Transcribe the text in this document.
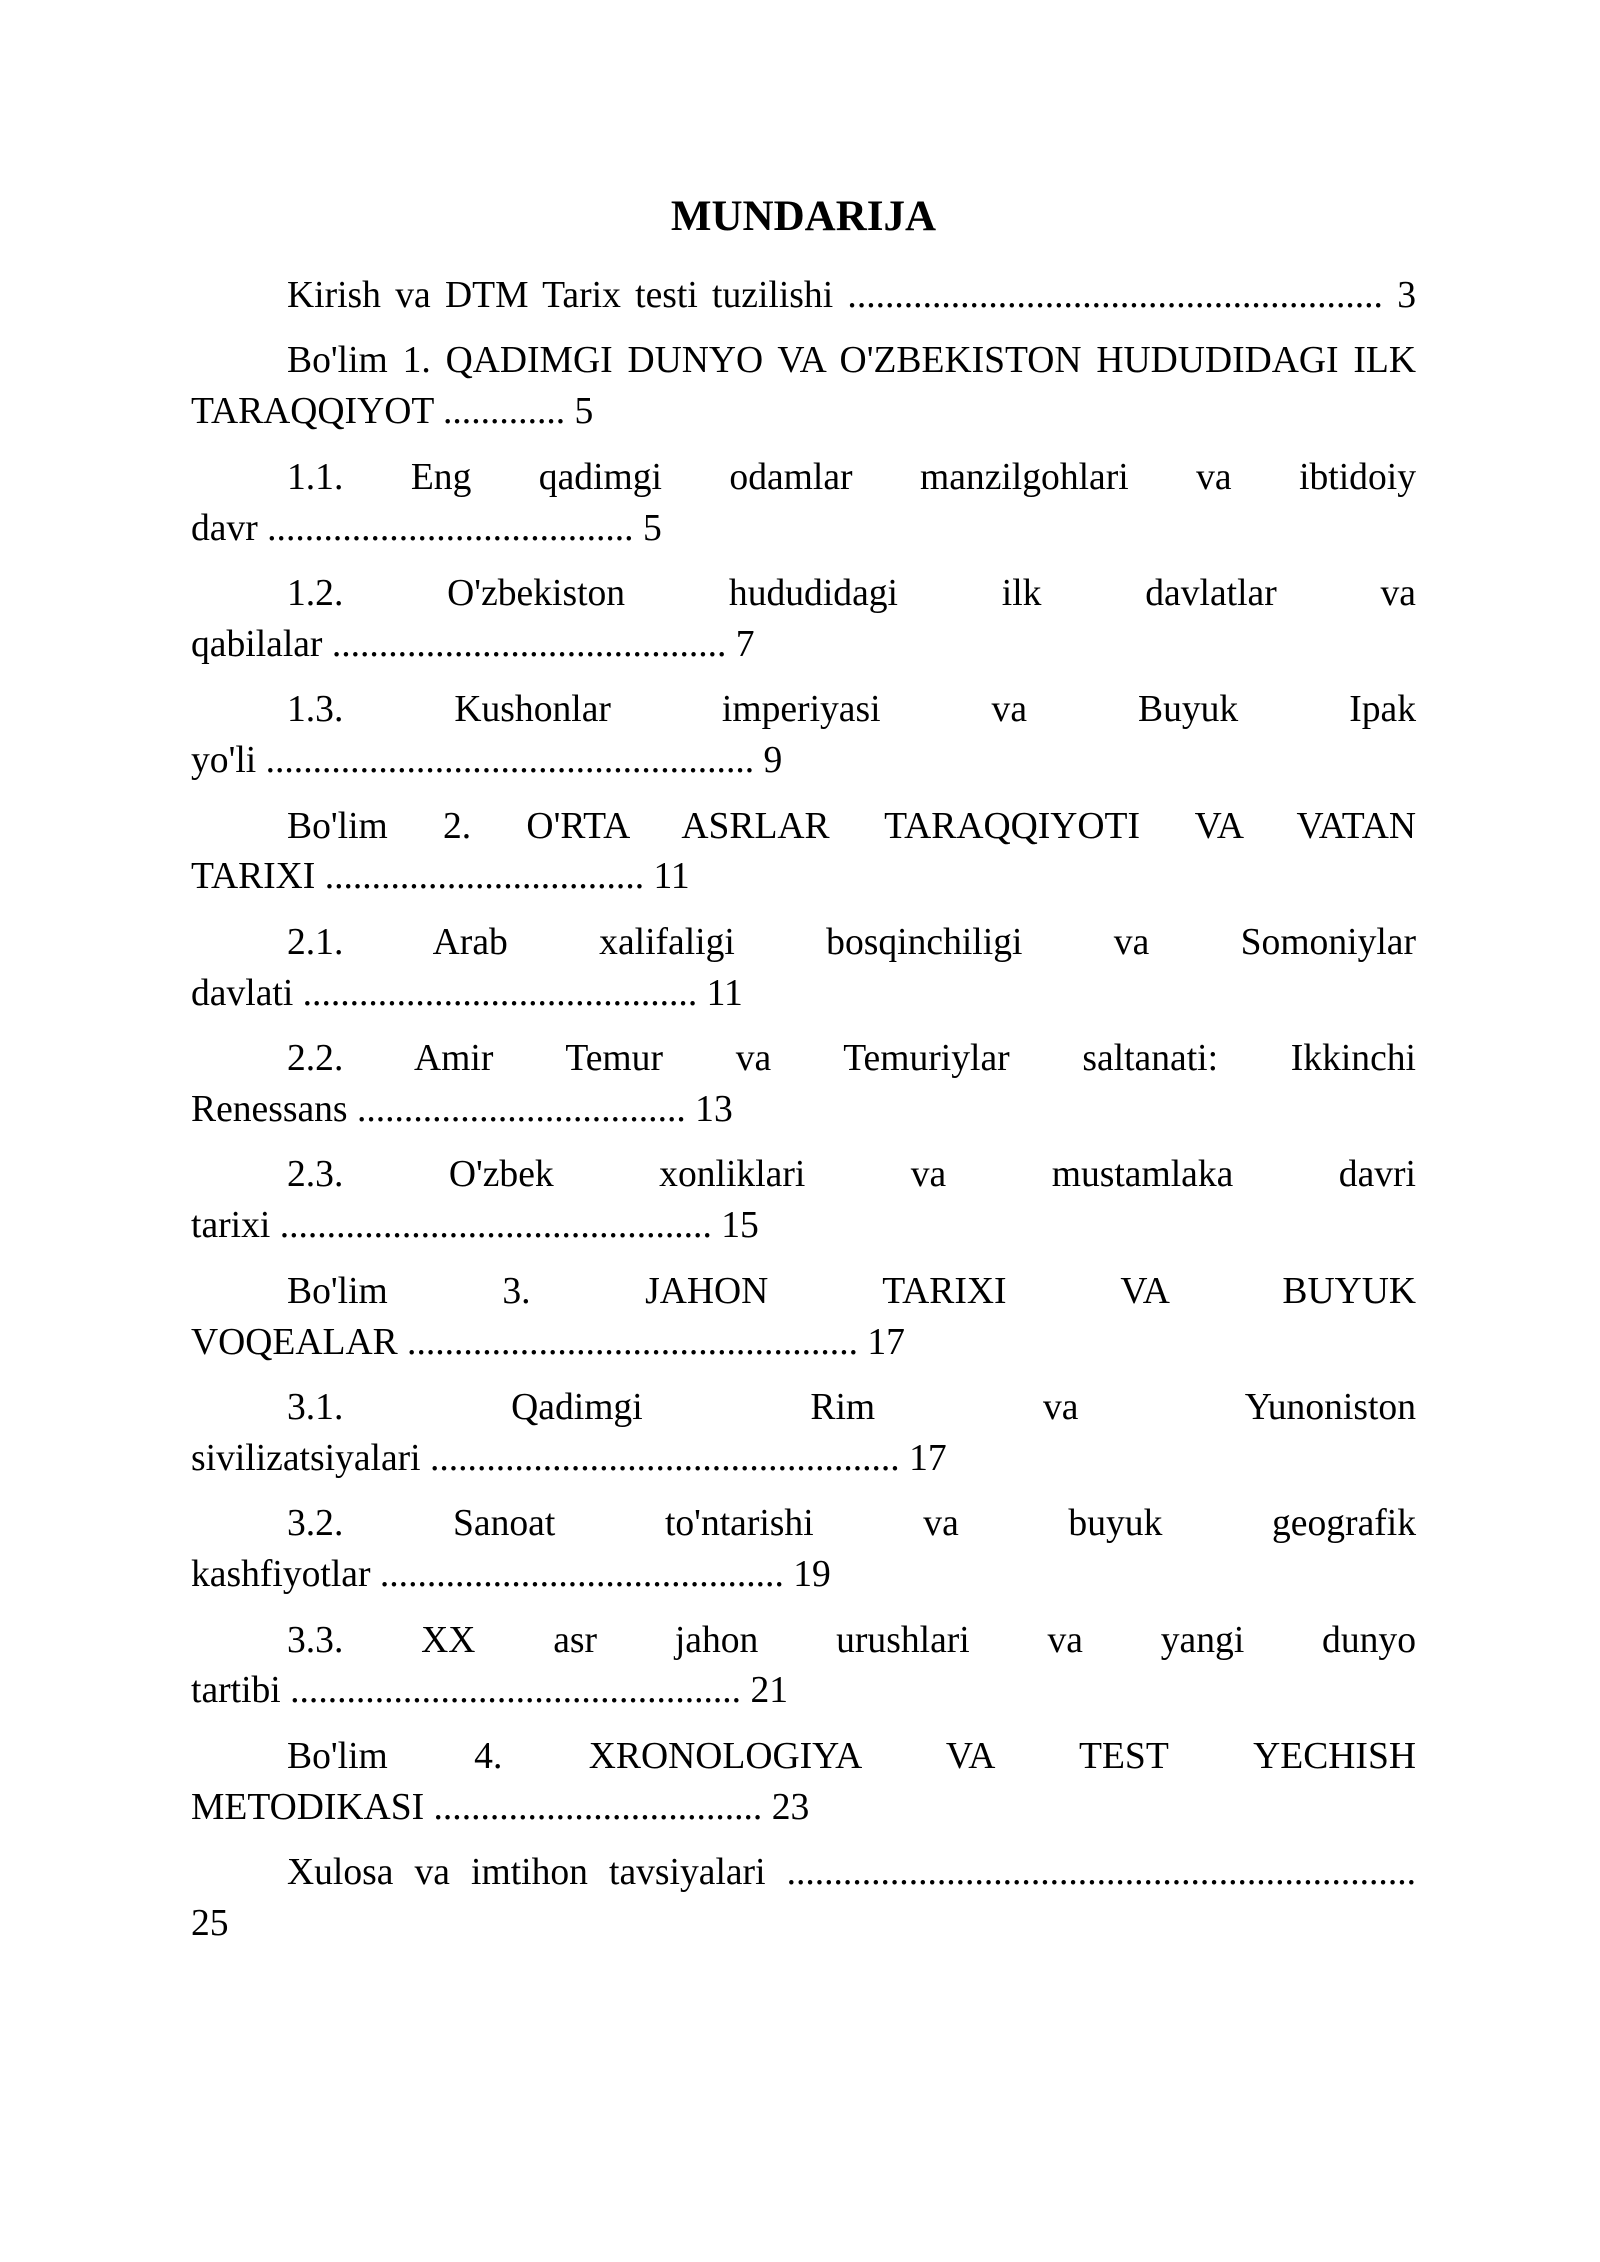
MUNDARIJA
Kirish va DTM Tarix testi tuzilishi ......................................................... 3
Bo'lim 1. QADIMGI DUNYO VA O'ZBEKISTON HUDUDIDAGI ILK
TARAQQIYOT ............. 5
1.1. Eng qadimgi odamlar manzilgohlari va ibtidoiy
davr ....................................... 5
1.2. O'zbekiston hududidagi ilk davlatlar va
qabilalar .......................................... 7
1.3. Kushonlar imperiyasi va Buyuk Ipak
yo'li .................................................... 9
Bo'lim 2. O'RTA ASRLAR TARAQQIYOTI VA VATAN
TARIXI .................................. 11
2.1. Arab xalifaligi bosqinchiligi va Somoniylar
davlati .......................................... 11
2.2. Amir Temur va Temuriylar saltanati: Ikkinchi
Renessans ................................... 13
2.3. O'zbek xonliklari va mustamlaka davri
tarixi .............................................. 15
Bo'lim 3. JAHON TARIXI VA BUYUK
VOQEALAR ................................................ 17
3.1. Qadimgi Rim va Yunoniston
sivilizatsiyalari .................................................. 17
3.2. Sanoat to'ntarishi va buyuk geografik
kashfiyotlar ........................................... 19
3.3. XX asr jahon urushlari va yangi dunyo
tartibi ................................................ 21
Bo'lim 4. XRONOLOGIYA VA TEST YECHISH
METODIKASI ................................... 23
Xulosa va imtihon tavsiyalari ...................................................................
25
